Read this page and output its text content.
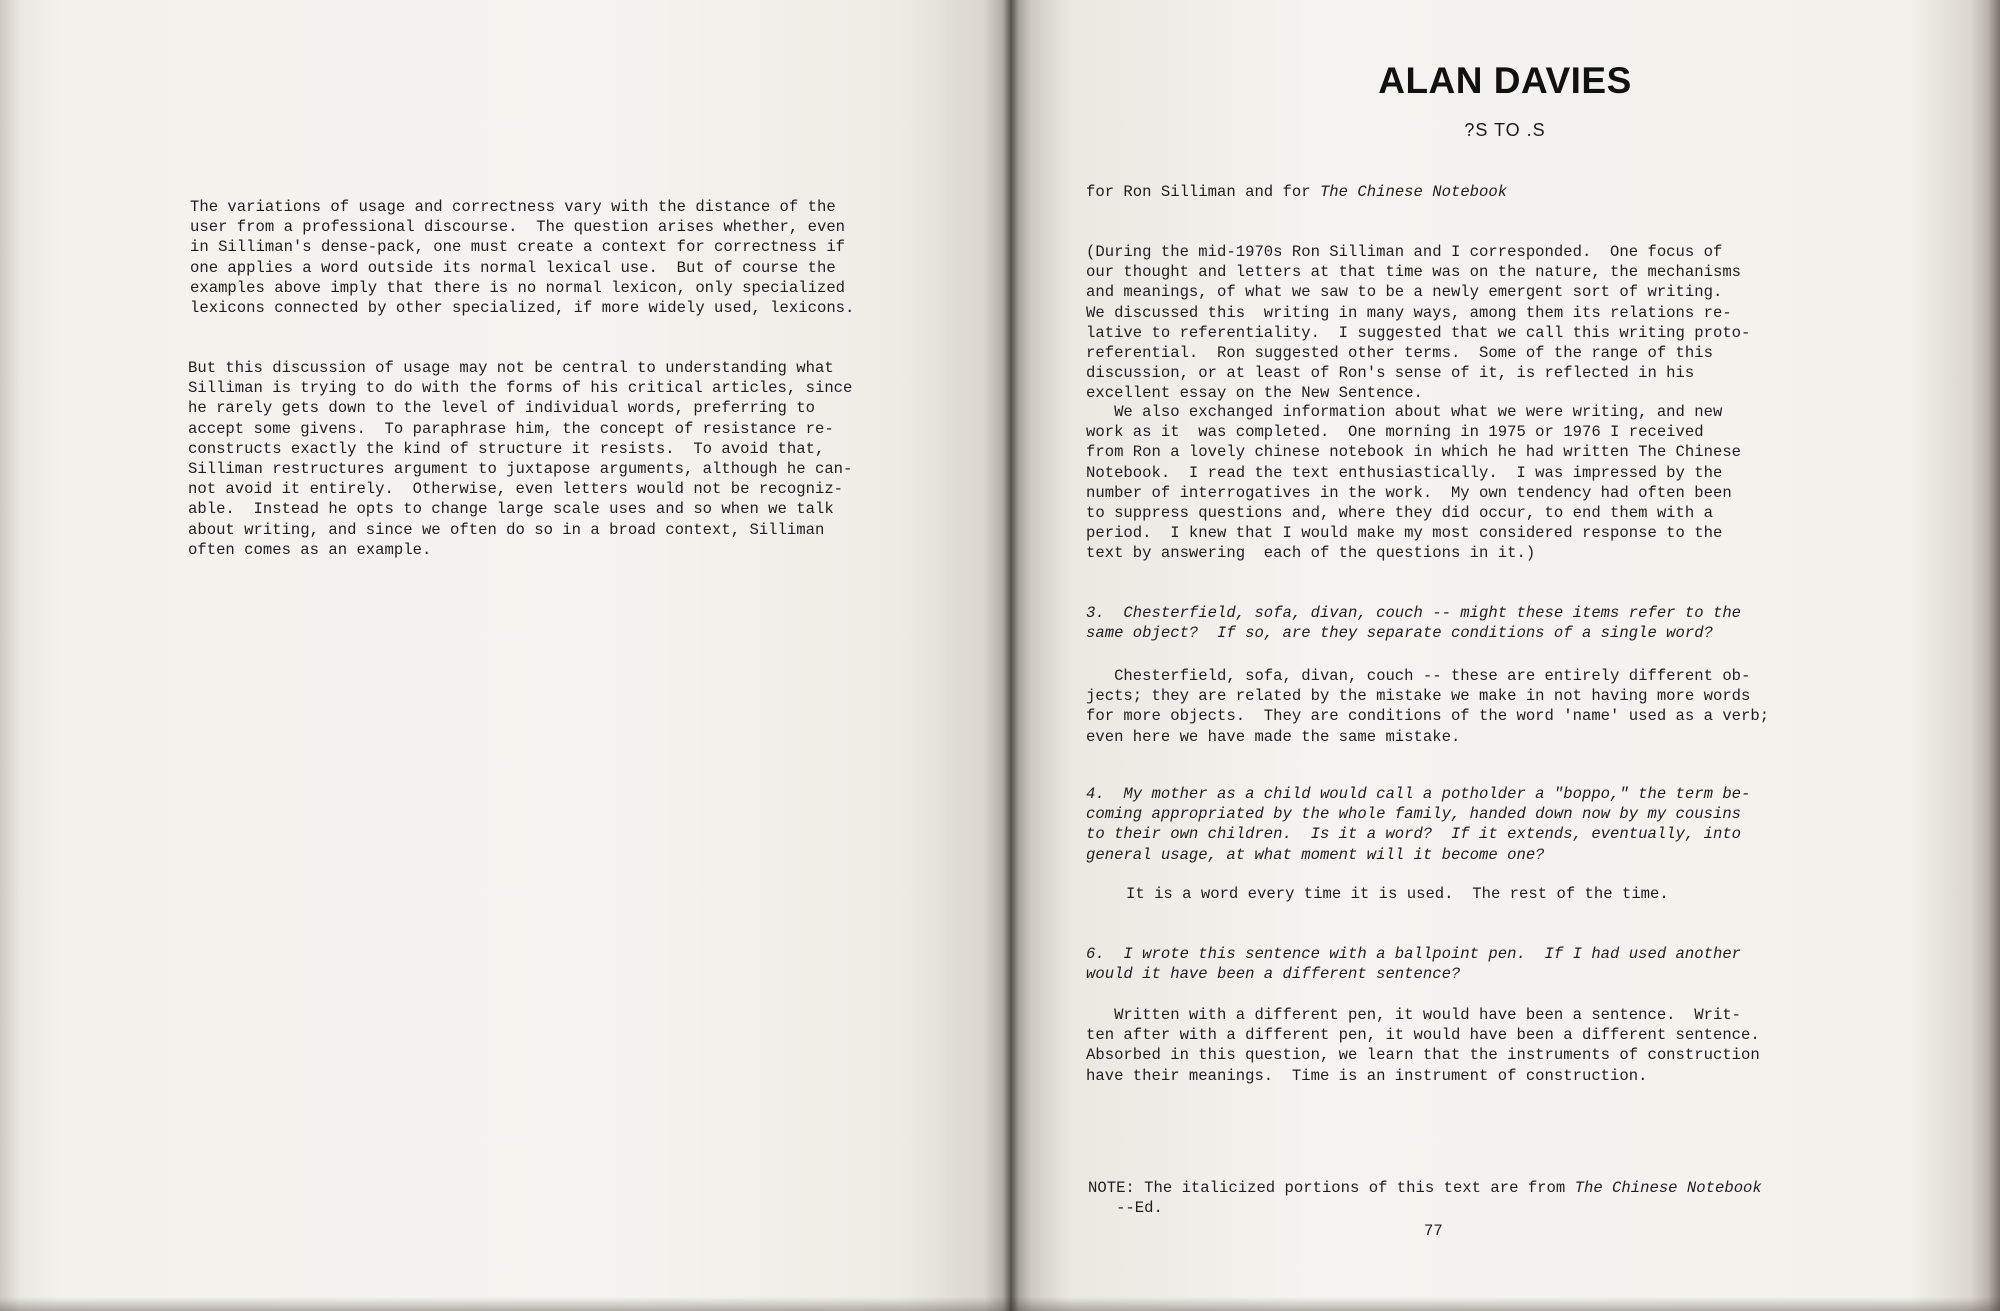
The variations of usage and correctness vary with the distance of the
user from a professional discourse.  The question arises whether, even
in Silliman's dense-pack, one must create a context for correctness if
one applies a word outside its normal lexical use.  But of course the
examples above imply that there is no normal lexicon, only specialized
lexicons connected by other specialized, if more widely used, lexicons.
But this discussion of usage may not be central to understanding what
Silliman is trying to do with the forms of his critical articles, since
he rarely gets down to the level of individual words, preferring to
accept some givens.  To paraphrase him, the concept of resistance re-
constructs exactly the kind of structure it resists.  To avoid that,
Silliman restructures argument to juxtapose arguments, although he can-
not avoid it entirely.  Otherwise, even letters would not be recogniz-
able.  Instead he opts to change large scale uses and so when we talk
about writing, and since we often do so in a broad context, Silliman
often comes as an example.
ALAN DAVIES
?S TO .S
for Ron Silliman and for The Chinese Notebook
(During the mid-1970s Ron Silliman and I corresponded.  One focus of
our thought and letters at that time was on the nature, the mechanisms
and meanings, of what we saw to be a newly emergent sort of writing.
We discussed this  writing in many ways, among them its relations re-
lative to referentiality.  I suggested that we call this writing proto-
referential.  Ron suggested other terms.  Some of the range of this
discussion, or at least of Ron's sense of it, is reflected in his
excellent essay on the New Sentence.
We also exchanged information about what we were writing, and new
work as it  was completed.  One morning in 1975 or 1976 I received
from Ron a lovely chinese notebook in which he had written The Chinese
Notebook.  I read the text enthusiastically.  I was impressed by the
number of interrogatives in the work.  My own tendency had often been
to suppress questions and, where they did occur, to end them with a
period.  I knew that I would make my most considered response to the
text by answering  each of the questions in it.)
3.  Chesterfield, sofa, divan, couch -- might these items refer to the
same object?  If so, are they separate conditions of a single word?
Chesterfield, sofa, divan, couch -- these are entirely different ob-
jects; they are related by the mistake we make in not having more words
for more objects.  They are conditions of the word 'name' used as a verb;
even here we have made the same mistake.
4.  My mother as a child would call a potholder a "boppo," the term be-
coming appropriated by the whole family, handed down now by my cousins
to their own children.  Is it a word?  If it extends, eventually, into
general usage, at what moment will it become one?
It is a word every time it is used.  The rest of the time.
6.  I wrote this sentence with a ballpoint pen.  If I had used another
would it have been a different sentence?
Written with a different pen, it would have been a sentence.  Writ-
ten after with a different pen, it would have been a different sentence.
Absorbed in this question, we learn that the instruments of construction
have their meanings.  Time is an instrument of construction.
NOTE: The italicized portions of this text are from The Chinese Notebook
--Ed.
77
